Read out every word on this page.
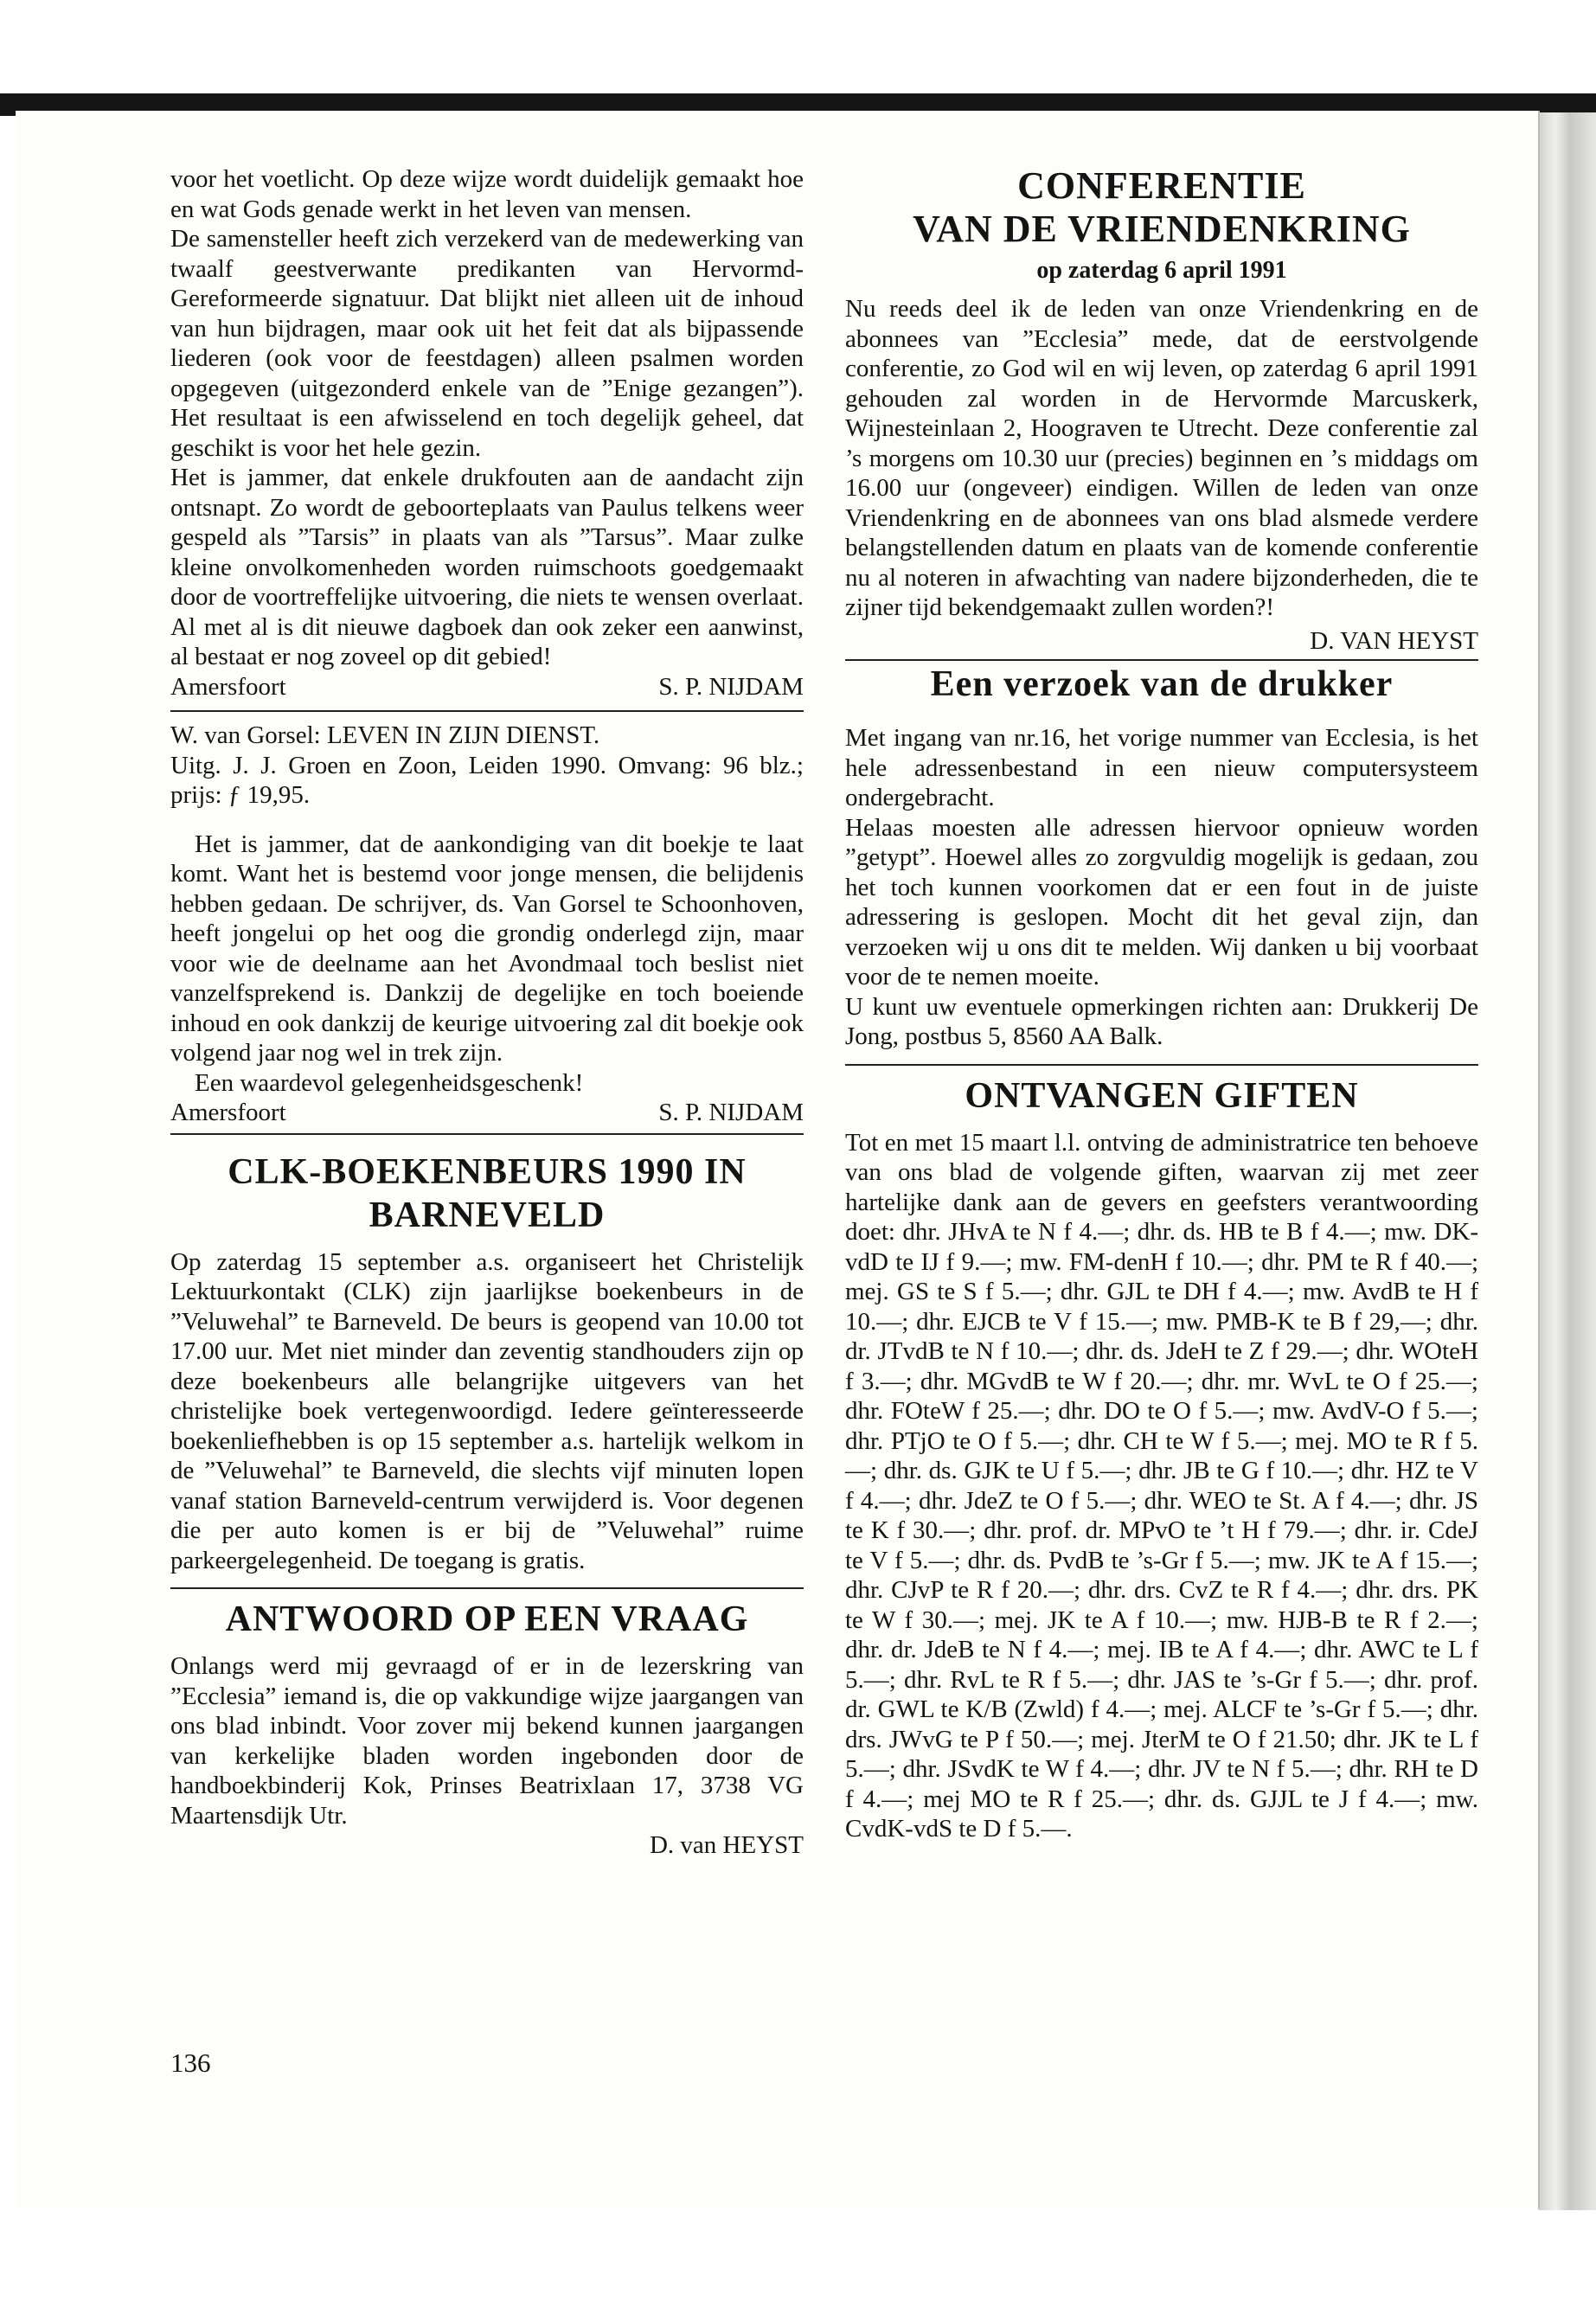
voor het voetlicht. Op deze wijze wordt duidelijk gemaakt hoe en wat Gods genade werkt in het leven van mensen.

De samensteller heeft zich verzekerd van de medewerking van twaalf geestverwante predikanten van Hervormd-Gereformeerde signatuur. Dat blijkt niet alleen uit de inhoud van hun bijdragen, maar ook uit het feit dat als bijpassende liederen (ook voor de feestdagen) alleen psalmen worden opgegeven (uitgezonderd enkele van de ”Enige gezangen”). Het resultaat is een afwisselend en toch degelijk geheel, dat geschikt is voor het hele gezin.

Het is jammer, dat enkele drukfouten aan de aandacht zijn ontsnapt. Zo wordt de geboorteplaats van Paulus telkens weer gespeld als ”Tarsis” in plaats van als ”Tarsus”. Maar zulke kleine onvolkomenheden worden ruimschoots goedgemaakt door de voortreffelijke uitvoering, die niets te wensen overlaat. Al met al is dit nieuwe dagboek dan ook zeker een aanwinst, al bestaat er nog zoveel op dit gebied!

Amersfoort	S. P. NIJDAM

W. van Gorsel: LEVEN IN ZIJN DIENST.

Uitg. J. J. Groen en Zoon, Leiden 1990. Omvang: 96 blz.; prijs: ƒ 19,95.

Het is jammer, dat de aankondiging van dit boekje te laat komt. Want het is bestemd voor jonge mensen, die belijdenis hebben gedaan. De schrijver, ds. Van Gorsel te Schoonhoven, heeft jongelui op het oog die grondig onderlegd zijn, maar voor wie de deelname aan het Avondmaal toch beslist niet vanzelfsprekend is. Dankzij de degelijke en toch boeiende inhoud en ook dankzij de keurige uitvoering zal dit boekje ook volgend jaar nog wel in trek zijn.

Een waardevol gelegenheidsgeschenk!

Amersfoort	S. P. NIJDAM
CLK-BOEKENBEURS 1990 IN BARNEVELD

Op zaterdag 15 september a.s. organiseert het Christelijk Lektuurkontakt (CLK) zijn jaarlijkse boekenbeurs in de ”Veluwehal” te Barneveld. De beurs is geopend van 10.00 tot 17.00 uur. Met niet minder dan zeventig standhouders zijn op deze boekenbeurs alle belangrijke uitgevers van het christelijke boek vertegenwoordigd. Iedere geïnteresseerde boekenliefhebben is op 15 september a.s. hartelijk welkom in de ”Veluwehal” te Barneveld, die slechts vijf minuten lopen vanaf station Barneveld-centrum verwijderd is. Voor degenen die per auto komen is er bij de ”Veluwehal” ruime parkeergelegenheid. De toegang is gratis.

ANTWOORD OP EEN VRAAG

Onlangs werd mij gevraagd of er in de lezerskring van ”Ecclesia” iemand is, die op vakkundige wijze jaargangen van ons blad inbindt. Voor zover mij bekend kunnen jaargangen van kerkelijke bladen worden ingebonden door de handboekbinderij Kok, Prinses Beatrixlaan 17, 3738 VG Maartensdijk Utr.

D. van HEYST
CONFERENTIE
VAN DE VRIENDENKRING
op zaterdag 6 april 1991

Nu reeds deel ik de leden van onze Vriendenkring en de abonnees van ”Ecclesia” mede, dat de eerstvolgende conferentie, zo God wil en wij leven, op zaterdag 6 april 1991 gehouden zal worden in de Hervormde Marcuskerk, Wijnesteinlaan 2, Hoograven te Utrecht. Deze conferentie zal ’s morgens om 10.30 uur (precies) beginnen en ’s middags om 16.00 uur (ongeveer) eindigen. Willen de leden van onze Vriendenkring en de abonnees van ons blad alsmede verdere belangstellenden datum en plaats van de komende conferentie nu al noteren in afwachting van nadere bijzonderheden, die te zijner tijd bekendgemaakt zullen worden?!

D. VAN HEYST
Een verzoek van de drukker

Met ingang van nr.16, het vorige nummer van Ecclesia, is het hele adressenbestand in een nieuw computersysteem ondergebracht.

Helaas moesten alle adressen hiervoor opnieuw worden ”getypt”. Hoewel alles zo zorgvuldig mogelijk is gedaan, zou het toch kunnen voorkomen dat er een fout in de juiste adressering is geslopen. Mocht dit het geval zijn, dan verzoeken wij u ons dit te melden. Wij danken u bij voorbaat voor de te nemen moeite.

U kunt uw eventuele opmerkingen richten aan: Drukkerij De Jong, postbus 5, 8560 AA Balk.

ONTVANGEN GIFTEN

Tot en met 15 maart l.l. ontving de administratrice ten behoeve van ons blad de volgende giften, waarvan zij met zeer hartelijke dank aan de gevers en geefsters verantwoording doet: dhr. JHvA te N f 4.—; dhr. ds. HB te B f 4.—; mw. DK-vdD te IJ f 9.—; mw. FM-denH f 10.—; dhr. PM te R f 40.—; mej. GS te S f 5.—; dhr. GJL te DH f 4.—; mw. AvdB te H f 10.—; dhr. EJCB te V f 15.—; mw. PMB-K te B f 29,—; dhr. dr. JTvdB te N f 10.—; dhr. ds. JdeH te Z f 29.—; dhr. WOteH f 3.—; dhr. MGvdB te W f 20.—; dhr. mr. WvL te O f 25.—; dhr. FOteW f 25.—; dhr. DO te O f 5.—; mw. AvdV-O f 5.—; dhr. PTjO te O f 5.—; dhr. CH te W f 5.—; mej. MO te R f 5.—; dhr. ds. GJK te U f 5.—; dhr. JB te G f 10.—; dhr. HZ te V f 4.—; dhr. JdeZ te O f 5.—; dhr. WEO te St. A f 4.—; dhr. JS te K f 30.—; dhr. prof. dr. MPvO te ’t H f 79.—; dhr. ir. CdeJ te V f 5.—; dhr. ds. PvdB te ’s-Gr f 5.—; mw. JK te A f 15.—; dhr. CJvP te R f 20.—; dhr. drs. CvZ te R f 4.—; dhr. drs. PK te W f 30.—; mej. JK te A f 10.—; mw. HJB-B te R f 2.—; dhr. dr. JdeB te N f 4.—; mej. IB te A f 4.—; dhr. AWC te L f 5.—; dhr. RvL te R f 5.—; dhr. JAS te ’s-Gr f 5.—; dhr. prof. dr. GWL te K/B (Zwld) f 4.—; mej. ALCF te ’s-Gr f 5.—; dhr. drs. JWvG te P f 50.—; mej. JterM te O f 21.50; dhr. JK te L f 5.—; dhr. JSvdK te W f 4.—; dhr. JV te N f 5.—; dhr. RH te D f 4.—; mej MO te R f 25.—; dhr. ds. GJJL te J f 4.—; mw. CvdK-vdS te D f 5.—.

136
